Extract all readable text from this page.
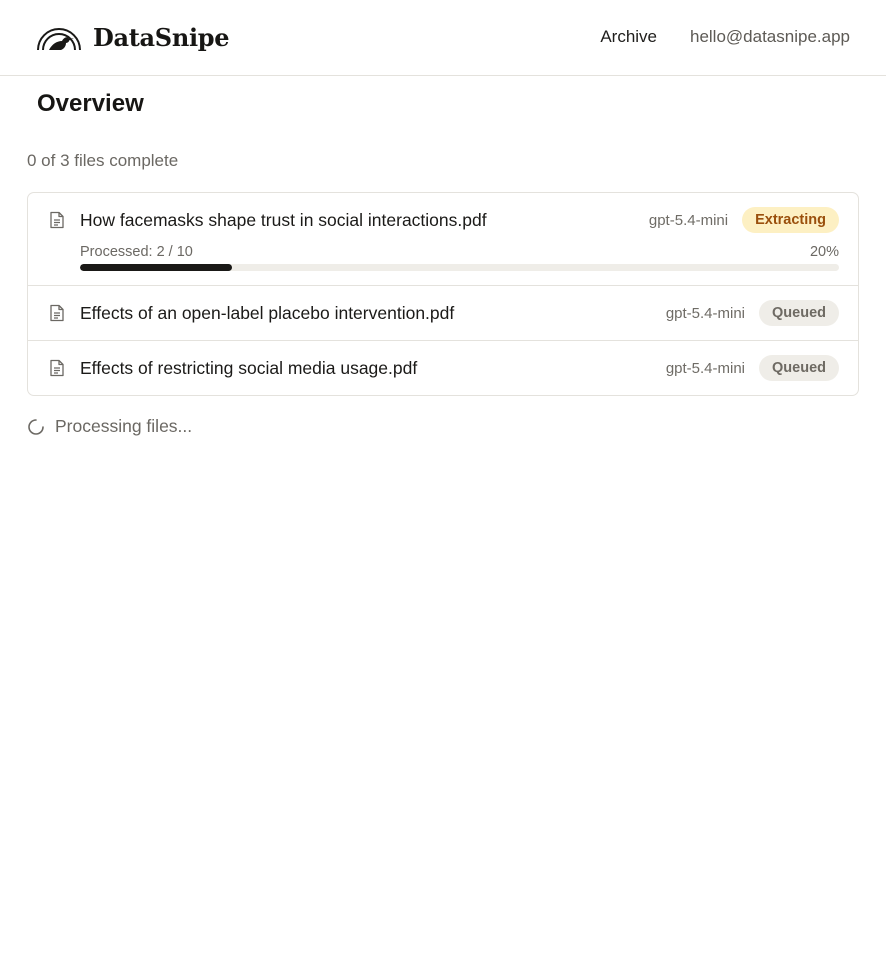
DataSnipe	Archive hello@datasnipe.app
Overview
0 of 3 files complete
How facemasks shape trust in social interactions.pdf	gpt-5.4-mini	Extracting
Processed: 2 / 10	20%
Effects of an open-label placebo intervention.pdf	gpt-5.4-mini	Queued
Effects of restricting social media usage.pdf	gpt-5.4-mini	Queued
Processing files...
